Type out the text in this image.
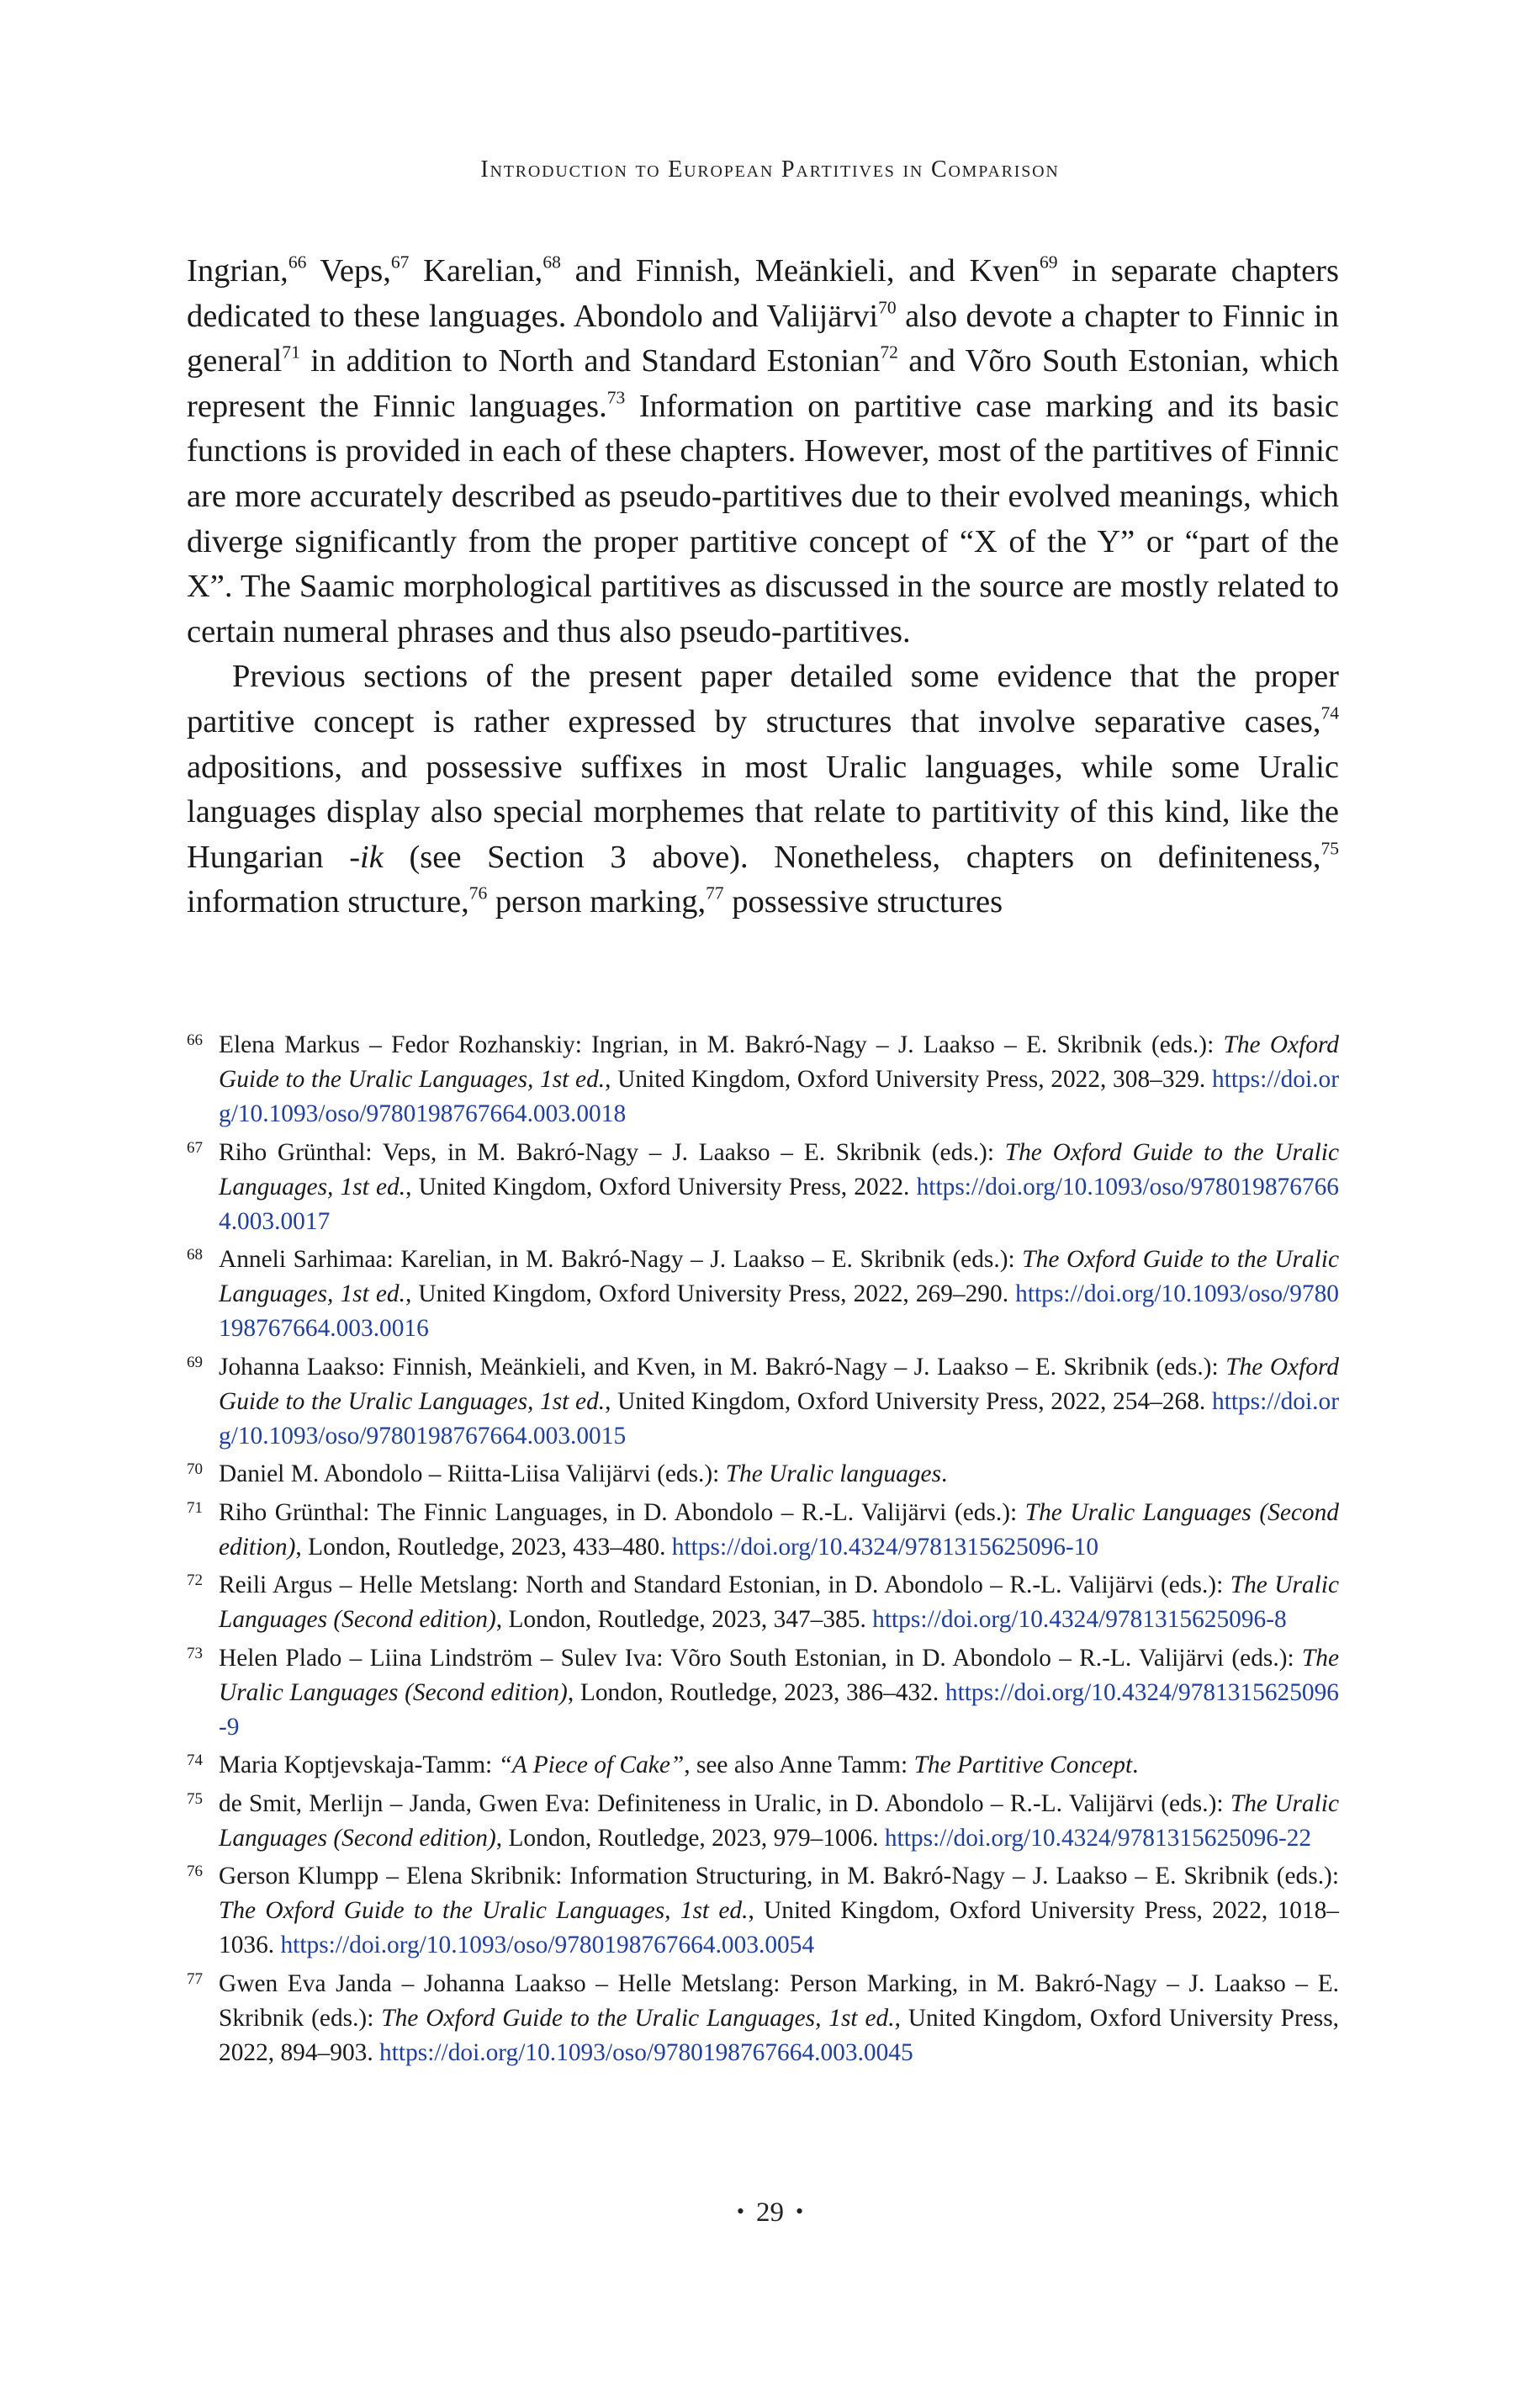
Introduction to European Partitives in Comparison

Ingrian,$^{66}$ Veps,$^{67}$ Karelian,$^{68}$ and Finnish, Meänkieli, and Kven$^{69}$ in separate chapters dedicated to these languages. Abondolo and Valijärvi$^{70}$ also devote a chapter to Finnic in general$^{71}$ in addition to North and Standard Estonian$^{72}$ and Võro South Estonian, which represent the Finnic languages.$^{73}$ Information on partitive case marking and its basic functions is provided in each of these chapters. However, most of the partitives of Finnic are more accurately described as pseudo-partitives due to their evolved meanings, which diverge significantly from the proper partitive concept of “X of the Y” or “part of the X”. The Saamic morphological partitives as discussed in the source are mostly related to certain numeral phrases and thus also pseudo-partitives.

Previous sections of the present paper detailed some evidence that the proper partitive concept is rather expressed by structures that involve separative cases,$^{74}$ adpositions, and possessive suffixes in most Uralic languages, while some Uralic languages display also special morphemes that relate to partitivity of this kind, like the Hungarian -ik (see Section 3 above). Nonetheless, chapters on definiteness,$^{75}$ information structure,$^{76}$ person marking,$^{77}$ possessive structures

66 Elena Markus – Fedor Rozhanskiy: Ingrian, in M. Bakró-Nagy – J. Laakso – E. Skribnik (eds.): The Oxford Guide to the Uralic Languages, 1st ed., United Kingdom, Oxford University Press, 2022, 308–329. https://doi.org/10.1093/oso/9780198767664.003.0018
67 Riho Grünthal: Veps, in M. Bakró-Nagy – J. Laakso – E. Skribnik (eds.): The Oxford Guide to the Uralic Languages, 1st ed., United Kingdom, Oxford University Press, 2022. https://doi.org/10.1093/oso/9780198767664.003.0017
68 Anneli Sarhimaa: Karelian, in M. Bakró-Nagy – J. Laakso – E. Skribnik (eds.): The Oxford Guide to the Uralic Languages, 1st ed., United Kingdom, Oxford University Press, 2022, 269–290. https://doi.org/10.1093/oso/9780198767664.003.0016
69 Johanna Laakso: Finnish, Meänkieli, and Kven, in M. Bakró-Nagy – J. Laakso – E. Skribnik (eds.): The Oxford Guide to the Uralic Languages, 1st ed., United Kingdom, Oxford University Press, 2022, 254–268. https://doi.org/10.1093/oso/9780198767664.003.0015
70 Daniel M. Abondolo – Riitta-Liisa Valijärvi (eds.): The Uralic languages.
71 Riho Grünthal: The Finnic Languages, in D. Abondolo – R.-L. Valijärvi (eds.): The Uralic Languages (Second edition), London, Routledge, 2023, 433–480. https://doi.org/10.4324/9781315625096-10
72 Reili Argus – Helle Metslang: North and Standard Estonian, in D. Abondolo – R.-L. Valijärvi (eds.): The Uralic Languages (Second edition), London, Routledge, 2023, 347–385. https://doi.org/10.4324/9781315625096-8
73 Helen Plado – Liina Lindström – Sulev Iva: Võro South Estonian, in D. Abondolo – R.-L. Valijärvi (eds.): The Uralic Languages (Second edition), London, Routledge, 2023, 386–432. https://doi.org/10.4324/9781315625096-9
74 Maria Koptjevskaja-Tamm: “A Piece of Cake”, see also Anne Tamm: The Partitive Concept.
75 de Smit, Merlijn – Janda, Gwen Eva: Definiteness in Uralic, in D. Abondolo – R.-L. Valijärvi (eds.): The Uralic Languages (Second edition), London, Routledge, 2023, 979–1006. https://doi.org/10.4324/9781315625096-22
76 Gerson Klumpp – Elena Skribnik: Information Structuring, in M. Bakró-Nagy – J. Laakso – E. Skribnik (eds.): The Oxford Guide to the Uralic Languages, 1st ed., United Kingdom, Oxford University Press, 2022, 1018–1036. https://doi.org/10.1093/oso/9780198767664.003.0054
77 Gwen Eva Janda – Johanna Laakso – Helle Metslang: Person Marking, in M. Bakró-Nagy – J. Laakso – E. Skribnik (eds.): The Oxford Guide to the Uralic Languages, 1st ed., United Kingdom, Oxford University Press, 2022, 894–903. https://doi.org/10.1093/oso/9780198767664.003.0045
• 29 •
